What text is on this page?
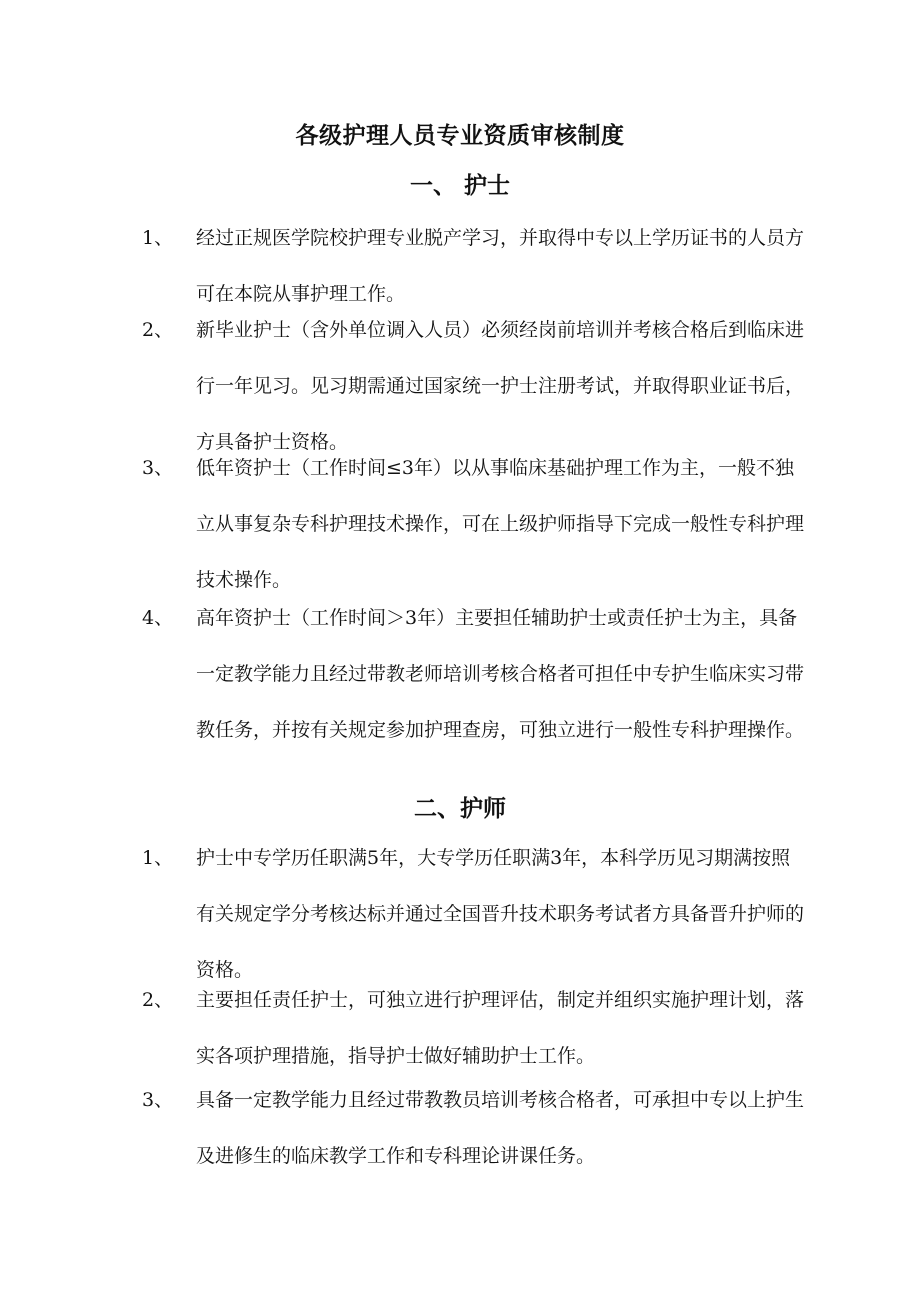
各级护理人员专业资质审核制度
一、 护士
1、	经过正规医学院校护理专业脱产学习，并取得中专以上学历证书的人员方可在本院从事护理工作。
2、	新毕业护士（含外单位调入人员）必须经岗前培训并考核合格后到临床进行一年见习。见习期需通过国家统一护士注册考试，并取得职业证书后，方具备护士资格。
3、	低年资护士（工作时间≤3年）以从事临床基础护理工作为主，一般不独立从事复杂专科护理技术操作，可在上级护师指导下完成一般性专科护理技术操作。
4、	高年资护士（工作时间＞3年）主要担任辅助护士或责任护士为主，具备一定教学能力且经过带教老师培训考核合格者可担任中专护生临床实习带教任务，并按有关规定参加护理查房，可独立进行一般性专科护理操作。
二、护师
1、	护士中专学历任职满5年，大专学历任职满3年，本科学历见习期满按照有关规定学分考核达标并通过全国晋升技术职务考试者方具备晋升护师的资格。
2、	主要担任责任护士，可独立进行护理评估，制定并组织实施护理计划，落实各项护理措施，指导护士做好辅助护士工作。
3、	具备一定教学能力且经过带教教员培训考核合格者，可承担中专以上护生及进修生的临床教学工作和专科理论讲课任务。
